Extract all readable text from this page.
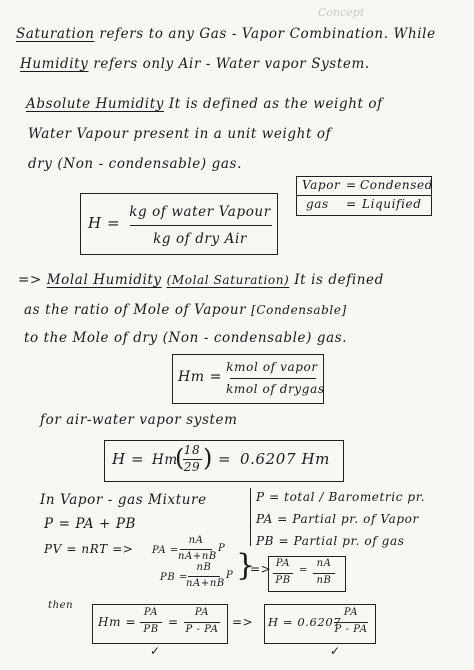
Concept
Saturation refers to any Gas - Vapor Combination. While
Humidity refers only Air - Water vapor System.
Absolute Humidity It is defined as the weight of
Water Vapour present in a unit weight of
dry (Non - condensable) gas.
Vapor = Condensed
gas = Liquified
H =
kg of water Vapour
kg of dry Air
=> Molal Humidity (Molal Saturation) It is defined
as the ratio of Mole of Vapour [Condensable]
to the Mole of dry (Non - condensable) gas.
Hm =
kmol of vapor
kmol of drygas
for air-water vapor system
H = Hm
(
18
29 ) = 0.6207 Hm
In Vapor - gas Mixture
P = PA + PB
PV = nRT => PA =
nA
nA+nB
P
PB =
nB
nA+nB
P }
=> PA
PB
=
nA
nB
P = total / Barometric pr.
PA = Partial pr. of Vapor
PB = Partial pr. of gas
then
Hm =
PA
PB
=
PA
P - PA
=> H = 0.6207
PA
P - PA
✓	✓
